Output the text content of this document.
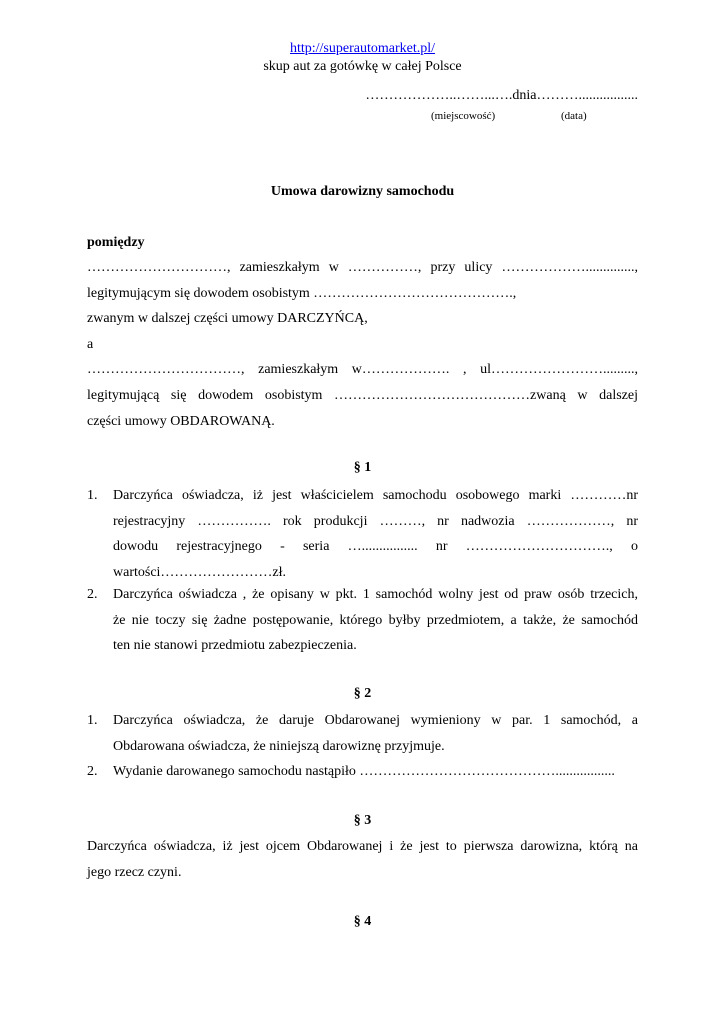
http://superautomarket.pl/
skup aut za gotówkę w całej Polsce
………………..……...….dnia……….................
(miejscowość)	(data)
Umowa darowizny samochodu
pomiędzy
…………………………, zamieszkałym w ……………, przy ulicy ………………..............,
legitymującym się dowodem osobistym …………………………………….,
zwanym w dalszej części umowy DARCZYŃCĄ,
a
……………………………, zamieszkałym w………………. , ul…………………….........,
legitymującą się dowodem osobistym ……………………………………zwaną w dalszej
części umowy OBDAROWANĄ.
§ 1
1.	Darczyńca oświadcza, iż jest właścicielem samochodu osobowego marki …………nr
rejestracyjny ……………. rok produkcji ………, nr nadwozia ………………, nr
dowodu rejestracyjnego - seria …................ nr …………………………., o
wartości……………………zł.
2.	Darczyńca oświadcza , że opisany w pkt. 1 samochód wolny jest od praw osób trzecich,
że nie toczy się żadne postępowanie, którego byłby przedmiotem, a także, że samochód
ten nie stanowi przedmiotu zabezpieczenia.
§ 2
1.	Darczyńca oświadcza, że daruje Obdarowanej wymieniony w par. 1 samochód, a
Obdarowana oświadcza, że niniejszą darowiznę przyjmuje.
2.	Wydanie darowanego samochodu nastąpiło …………………………………….................
§ 3
Darczyńca oświadcza, iż jest ojcem Obdarowanej i że jest to pierwsza darowizna, którą na
jego rzecz czyni.
§ 4
